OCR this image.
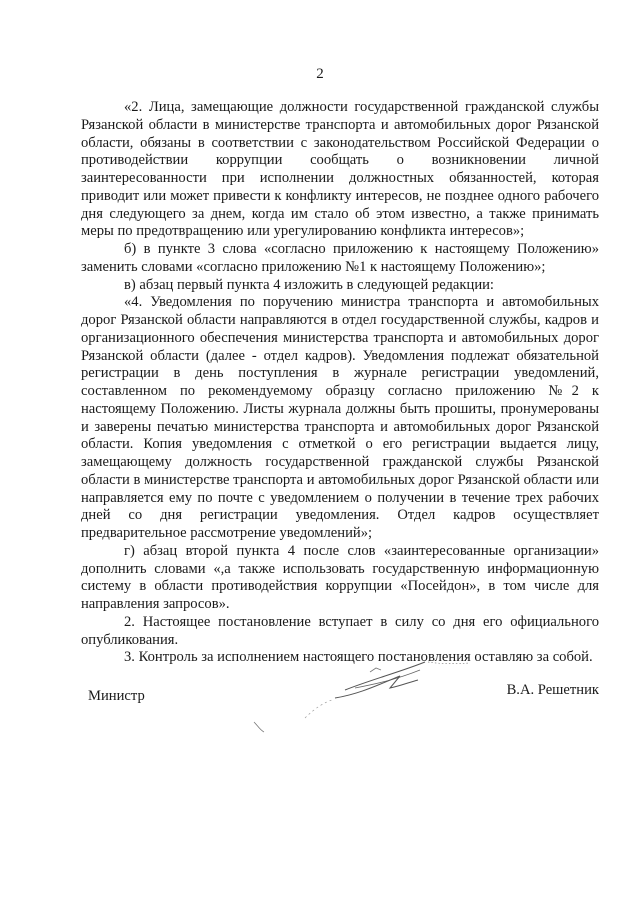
2

«2. Лица, замещающие должности государственной гражданской службы Рязанской области в министерстве транспорта и автомобильных дорог Рязанской области, обязаны в соответствии с законодательством Российской Федерации о противодействии коррупции сообщать о возникновении личной заинтересованности при исполнении должностных обязанностей, которая приводит или может привести к конфликту интересов, не позднее одного рабочего дня следующего за днем, когда им стало об этом известно, а также принимать меры по предотвращению или урегулированию конфликта интересов»;

б) в пункте 3 слова «согласно приложению к настоящему Положению» заменить словами «согласно приложению №1 к настоящему Положению»;

в) абзац первый пункта 4 изложить в следующей редакции:

«4. Уведомления по поручению министра транспорта и автомобильных дорог Рязанской области направляются в отдел государственной службы, кадров и организационного обеспечения министерства транспорта и автомобильных дорог Рязанской области (далее - отдел кадров). Уведомления подлежат обязательной регистрации в день поступления в журнале регистрации уведомлений, составленном по рекомендуемому образцу согласно приложению №2 к настоящему Положению. Листы журнала должны быть прошиты, пронумерованы и заверены печатью министерства транспорта и автомобильных дорог Рязанской области. Копия уведомления с отметкой о его регистрации выдается лицу, замещающему должность государственной гражданской службы Рязанской области в министерстве транспорта и автомобильных дорог Рязанской области или направляется ему по почте с уведомлением о получении в течение трех рабочих дней со дня регистрации уведомления. Отдел кадров осуществляет предварительное рассмотрение уведомлений»;

г) абзац второй пункта 4 после слов «заинтересованные организации» дополнить словами «,а также использовать государственную информационную систему в области противодействия коррупции «Посейдон», в том числе для направления запросов».

2. Настоящее постановление вступает в силу со дня его официального опубликования.

3. Контроль за исполнением настоящего постановления оставляю за собой.

Министр	В.А. Решетник
